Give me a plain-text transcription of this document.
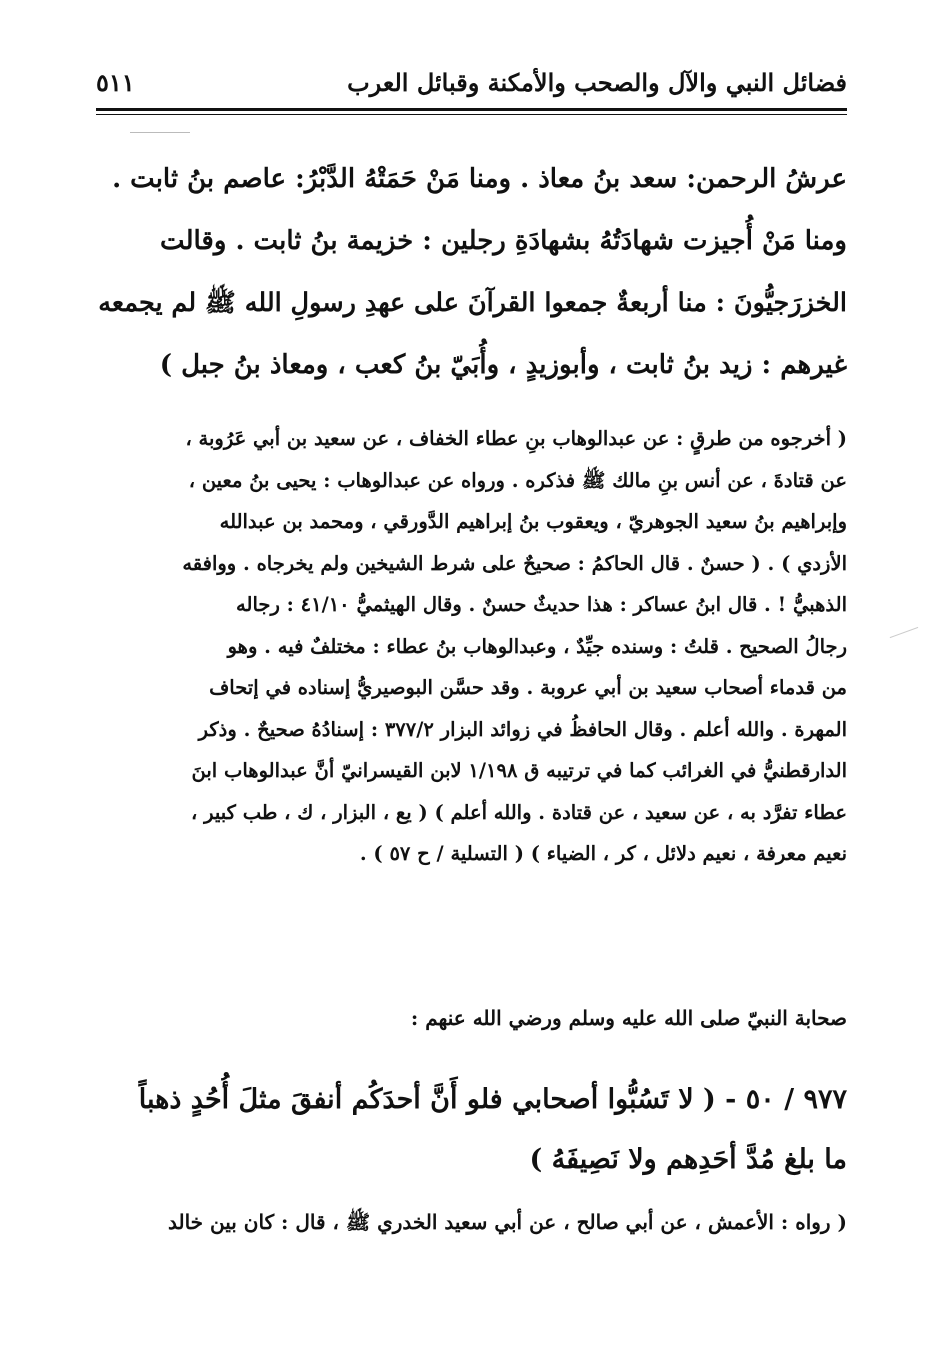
فضائل النبي والآل والصحب والأمكنة وقبائل العرب
٥١١
عرشُ الرحمن: سعد بنُ معاذ . ومنا مَنْ حَمَتْهُ الدَّبْرُ: عاصم بنُ ثابت .
ومنا مَنْ أُجيزت شهادَتُهُ بشهادَةِ رجلين : خزيمة بنُ ثابت . وقالت
الخزرَجيُّونَ : منا أربعةٌ جمعوا القرآنَ على عهدِ رسولِ الله ﷺ لم يجمعه
غيرهم : زيد بنُ ثابت ، وأبوزيدٍ ، وأُبَيّ بنُ كعب ، ومعاذ بنُ جبل )
( أخرجوه من طرقٍ : عن عبدالوهاب بنِ عطاء الخفاف ، عن سعيد بن أبي عَرُوبة ،
عن قتادةَ ، عن أنس بنِ مالك ﷺ فذكره . ورواه عن عبدالوهاب : يحيى بنُ معين ،
وإبراهيم بنُ سعيد الجوهريّ ، ويعقوب بنُ إبراهيم الدَّورقي ، ومحمد بن عبدالله
الأزدي ) . ( حسنٌ . قال الحاكمُ : صحيحٌ على شرط الشيخين ولم يخرجاه . ووافقه
الذهبيُّ ! . قال ابنُ عساكر : هذا حديثٌ حسنٌ . وقال الهيثميُّ ٤١/١٠ : رجاله
رجالُ الصحيح . قلتُ : وسنده جيِّدٌ ، وعبدالوهاب بنُ عطاء : مختلفٌ فيه . وهو
من قدماء أصحاب سعيد بن أبي عروبة . وقد حسَّن البوصيريُّ إسناده في إتحاف
المهرة . والله أعلم . وقال الحافظُ في زوائد البزار ٣٧٧/٢ : إسنادُهُ صحيحٌ . وذكر
الدارقطنيُّ في الغرائب كما في ترتيبه ق ١/١٩٨ لابن القيسرانيّ أنَّ عبدالوهاب ابنَ
عطاء تفرَّد به ، عن سعيد ، عن قتادة . والله أعلم ) ( يع ، البزار ، ك ، طب كبير ،
نعيم معرفة ، نعيم دلائل ، كر ، الضياء ) ( التسلية / ح ٥٧ ) .
صحابة النبيّ صلى الله عليه وسلم ورضي الله عنهم :
٩٧٧ / ٥٠ - ( لا تَسُبُّوا أصحابي فلو أَنَّ أحدَكُم أنفقَ مثلَ أُحُدٍ ذهباً
ما بلغ مُدَّ أحَدِهم ولا نَصِيفَهُ )
( رواه : الأعمش ، عن أبي صالح ، عن أبي سعيد الخدري ﷺ ، قال : كان بين خالد
